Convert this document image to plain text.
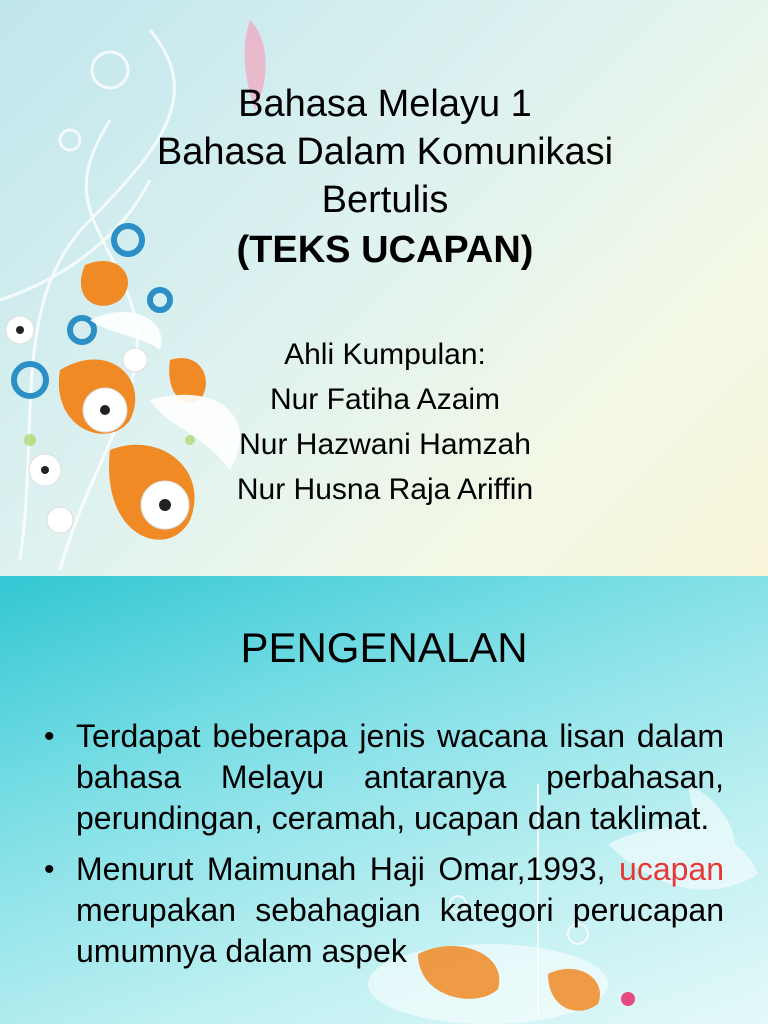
Bahasa Melayu 1
Bahasa Dalam Komunikasi
Bertulis
(TEKS UCAPAN)
Ahli Kumpulan:
Nur Fatiha Azaim
Nur Hazwani Hamzah
Nur Husna Raja Ariffin
PENGENALAN
• Terdapat beberapa jenis wacana lisan dalam bahasa Melayu antaranya perbahasan, perundingan, ceramah, ucapan dan taklimat.
• Menurut Maimunah Haji Omar,1993, ucapan merupakan sebahagian kategori perucapan umumnya dalam aspek
